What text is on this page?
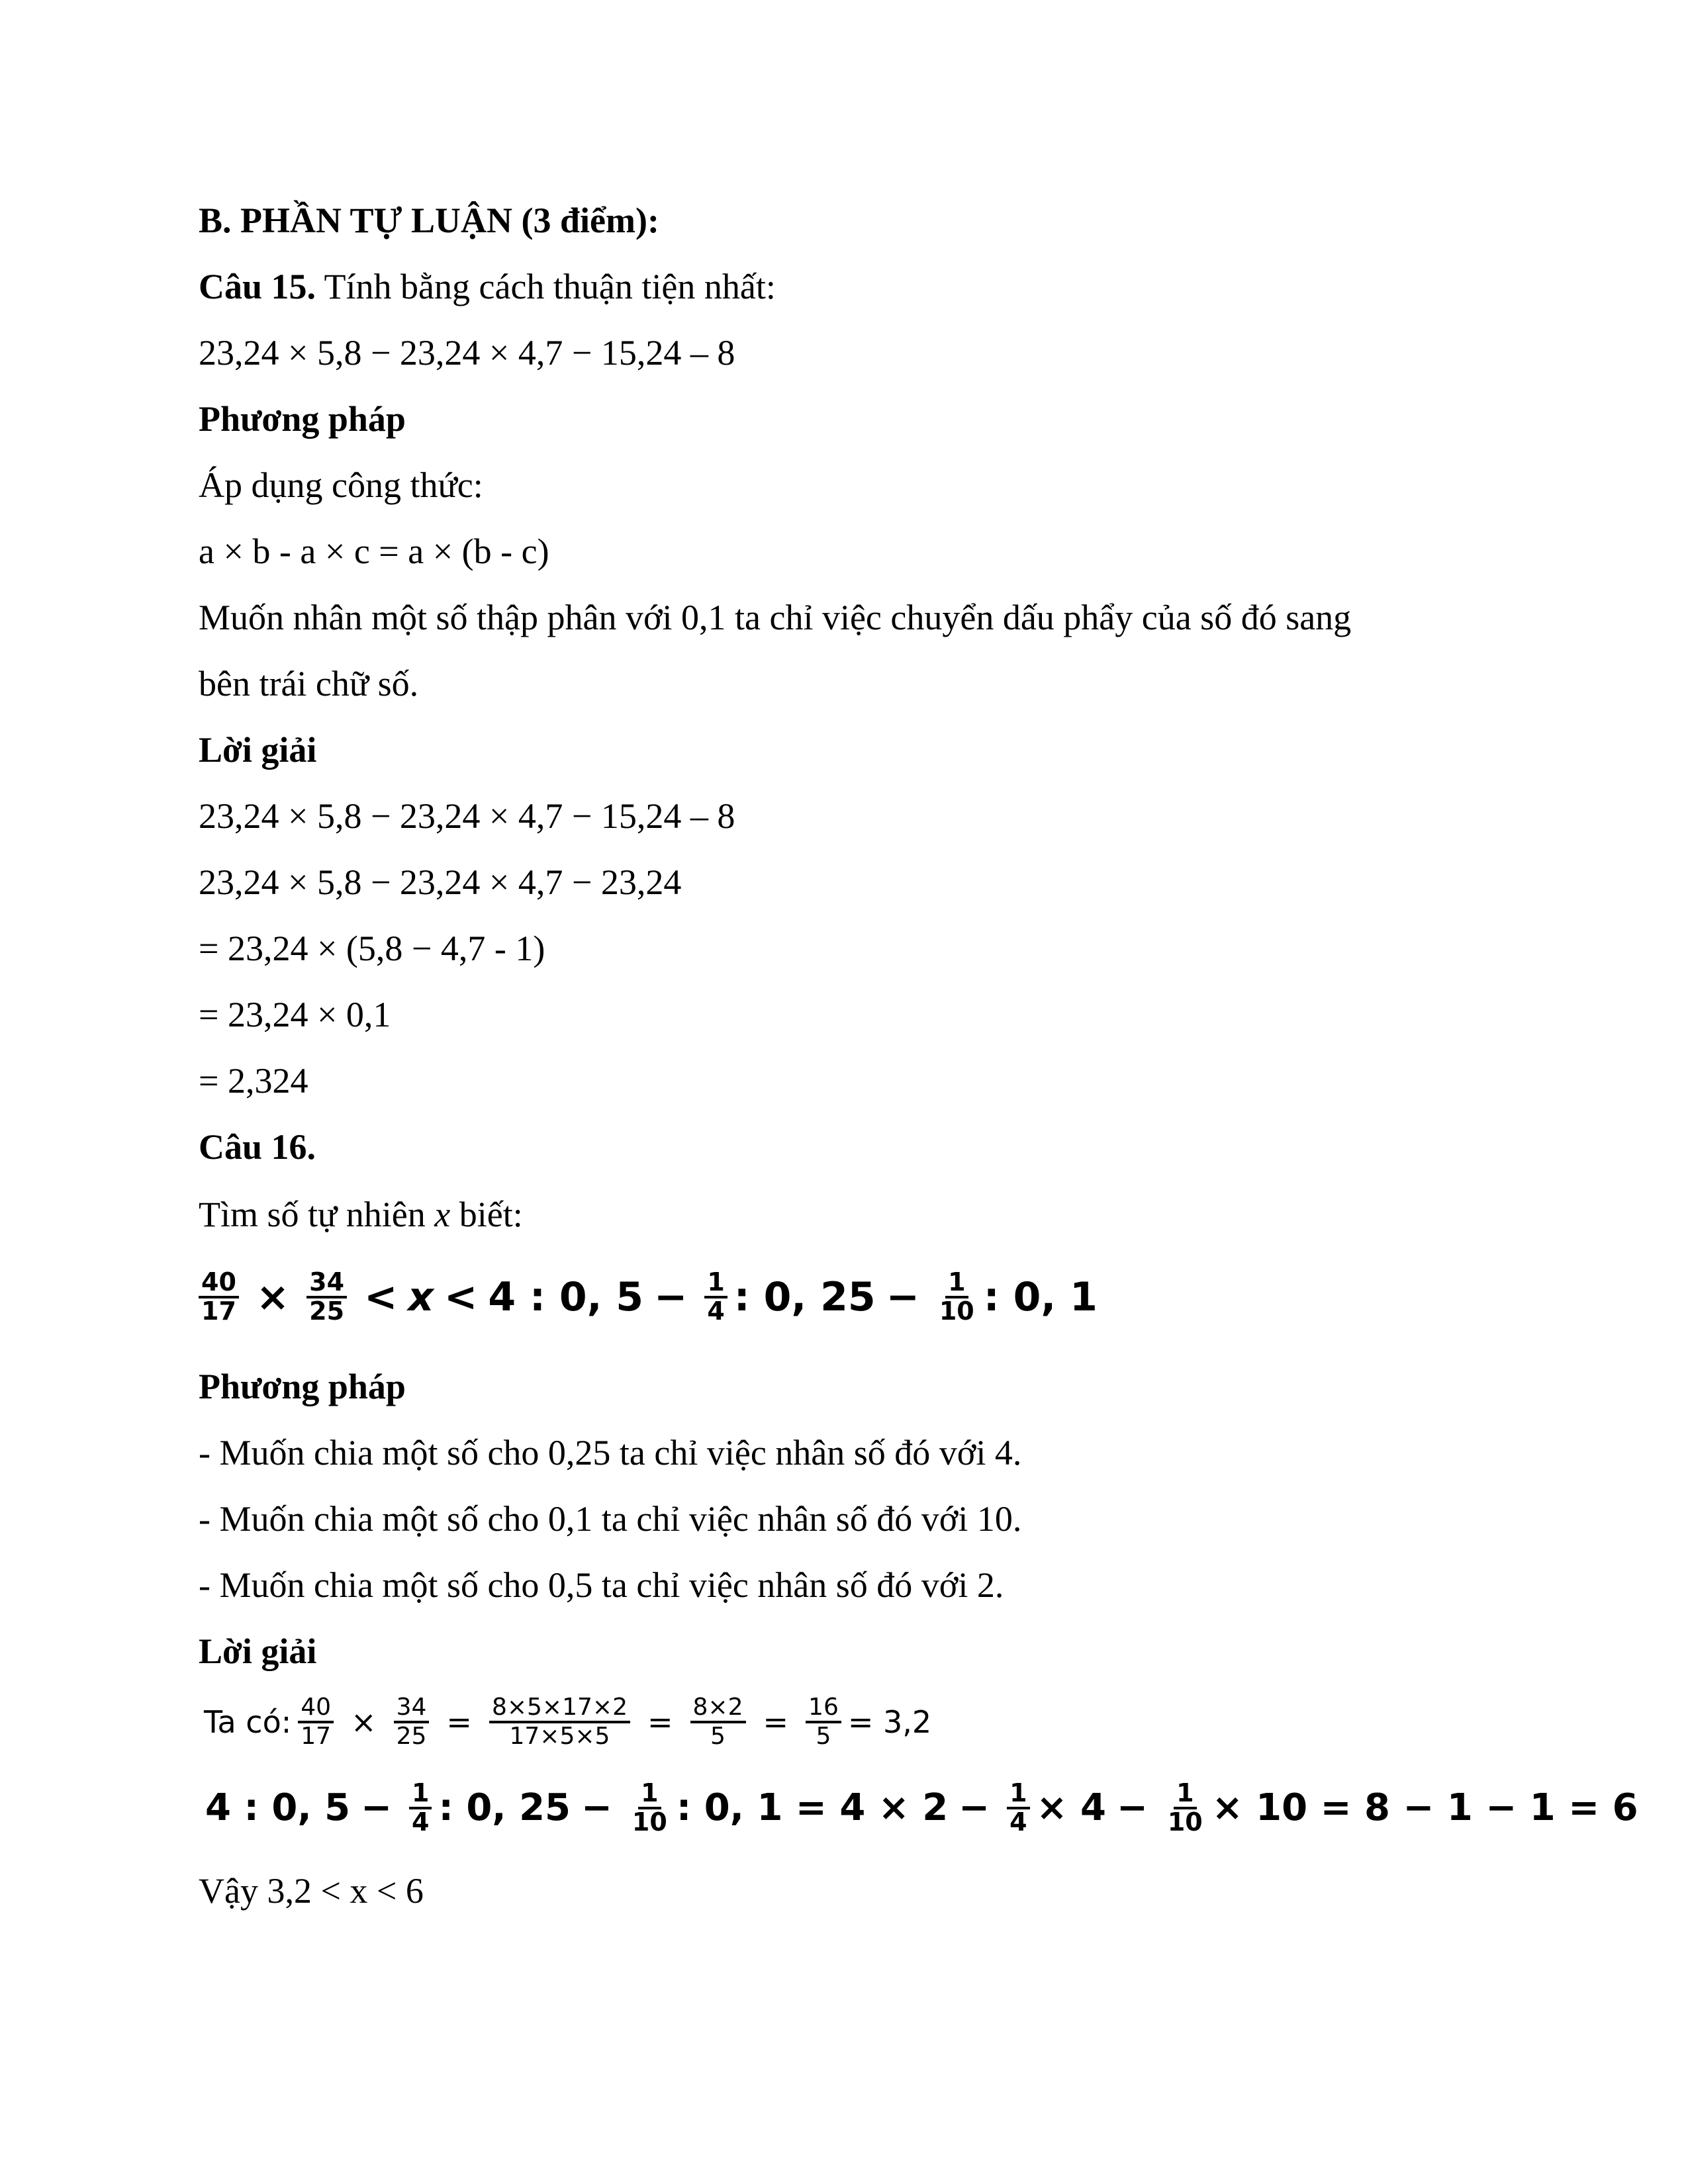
B. PHẦN TỰ LUẬN (3 điểm):
Câu 15. Tính bằng cách thuận tiện nhất:
23,24 × 5,8 − 23,24 × 4,7 − 15,24 – 8
Phương pháp
Áp dụng công thức:
a × b - a × c = a × (b - c)
Muốn nhân một số thập phân với 0,1 ta chỉ việc chuyển dấu phẩy của số đó sang
bên trái chữ số.
Lời giải
23,24 × 5,8 − 23,24 × 4,7 − 15,24 – 8
23,24 × 5,8 − 23,24 × 4,7 − 23,24
= 23,24 × (5,8 − 4,7 - 1)
= 23,24 × 0,1
= 2,324
Câu 16.
Tìm số tự nhiên x biết:
$\frac{40}{17} \times \frac{34}{25} < x < 4$ : 0, $5 - \frac{1}{4}$ : 0, $25 - \frac{1}{10}$ : 0, 1
Phương pháp
- Muốn chia một số cho 0,25 ta chỉ việc nhân số đó với 4.
- Muốn chia một số cho 0,1 ta chỉ việc nhân số đó với 10.
- Muốn chia một số cho 0,5 ta chỉ việc nhân số đó với 2.
Lời giải
Ta có: $\frac{40}{17} \times \frac{34}{25} = \frac{8\times 5\times 17\times 2}{17\times 5\times 5} = \frac{8\times 2}{5} = \frac{16}{5} = 3,2$
4 : 0, $5 - \frac{1}{4}$ : 0, $25 - \frac{1}{10}$ : 0, $1 = 4 \times 2 - \frac{1}{4} \times 4 - \frac{1}{10} \times 10 = 8 - 1 - 1 = 6$
Vậy 3,2 < x < 6
